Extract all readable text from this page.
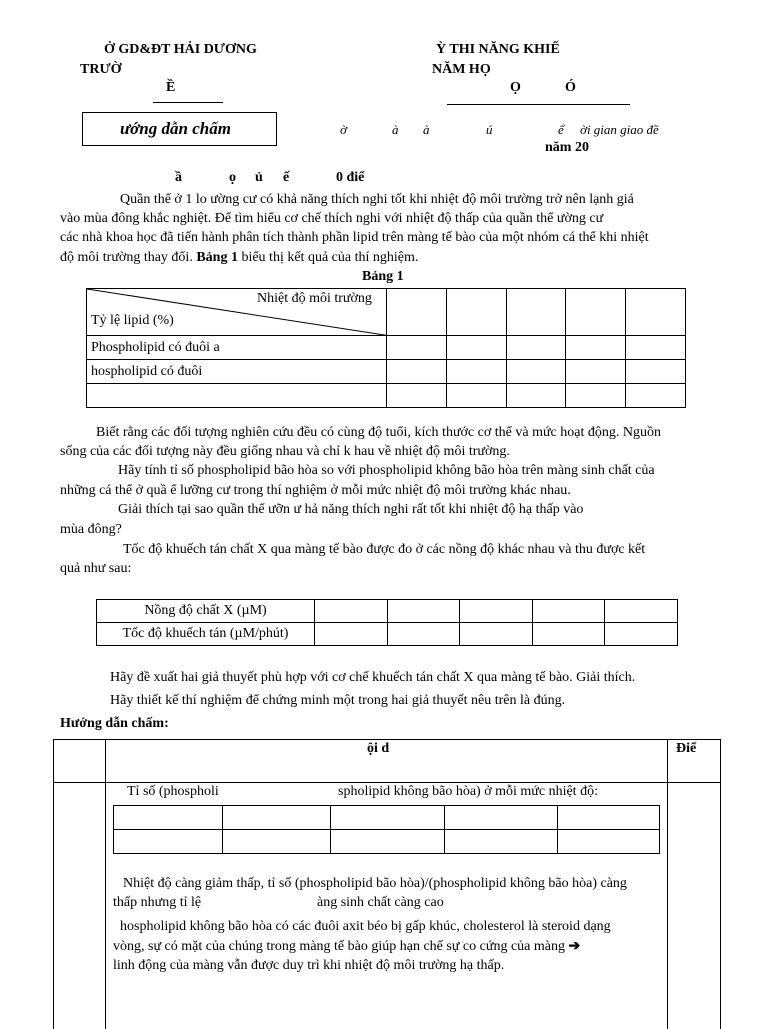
Ở GD&ĐT HẢI DƯƠNG
TRƯỜ
Ề
Ỳ THI NĂNG KHIẾ
NĂM HỌ
Ọ	Ó
ướng dẫn chấm	ờ	à à	ú	ể ời gian giao đề
năm 20
ầ	ọ ủ ế	0 điể
Quần thể ở 1 lo ường cư có khả năng thích nghi tốt khi nhiệt độ môi trường trở nên lạnh giá
vào mùa đông khắc nghiệt. Để tìm hiểu cơ chế thích nghi với nhiệt độ thấp của quần thể ường cư
các nhà khoa học đã tiến hành phân tích thành phần lipid trên màng tế bào của một nhóm cá thể khi nhiệt
độ môi trường thay đổi. Bảng 1 biểu thị kết quả của thí nghiệm.
Bảng 1
Nhiệt độ môi trường
Tỷ lệ lipid (%)					

Phospholipid có đuôi a					
hospholipid có đuôi					

Biết rằng các đối tượng nghiên cứu đều có cùng độ tuổi, kích thước cơ thể và mức hoạt động. Nguồn
sống của các đối tượng này đều giống nhau và chỉ k hau về nhiệt độ môi trường.
Hãy tính tỉ số phospholipid bão hòa so với phospholipid không bão hòa trên màng sinh chất của
những cá thể ở quầ ể lưỡng cư trong thí nghiệm ở mỗi mức nhiệt độ môi trường khác nhau.
Giải thích tại sao quần thể ưỡn ư hả năng thích nghi rất tốt khi nhiệt độ hạ thấp vào
mùa đông?
Tốc độ khuếch tán chất X qua màng tế bào được đo ở các nồng độ khác nhau và thu được kết
quả như sau:
Nồng độ chất X (µM)					
Tốc độ khuếch tán (µM/phút)					
Hãy đề xuất hai giả thuyết phù hợp với cơ chế khuếch tán chất X qua màng tế bào. Giải thích.
Hãy thiết kế thí nghiệm để chứng minh một trong hai giả thuyết nêu trên là đúng.
Hướng dẫn chấm:
ội d	Điể
Tỉ số (phospholi	spholipid không bão hòa) ở mỗi mức nhiệt độ:

Nhiệt độ càng giảm thấp, tỉ số (phospholipid bão hòa)/(phospholipid không bão hòa) càng
thấp nhưng tỉ lệ	àng sinh chất càng cao
hospholipid không bão hòa có các đuôi axit béo bị gấp khúc, cholesterol là steroid dạng
vòng, sự có mặt của chúng trong màng tế bào giúp hạn chế sự co cứng của màng ➔
linh động của màng vẫn được duy trì khi nhiệt độ môi trường hạ thấp.
